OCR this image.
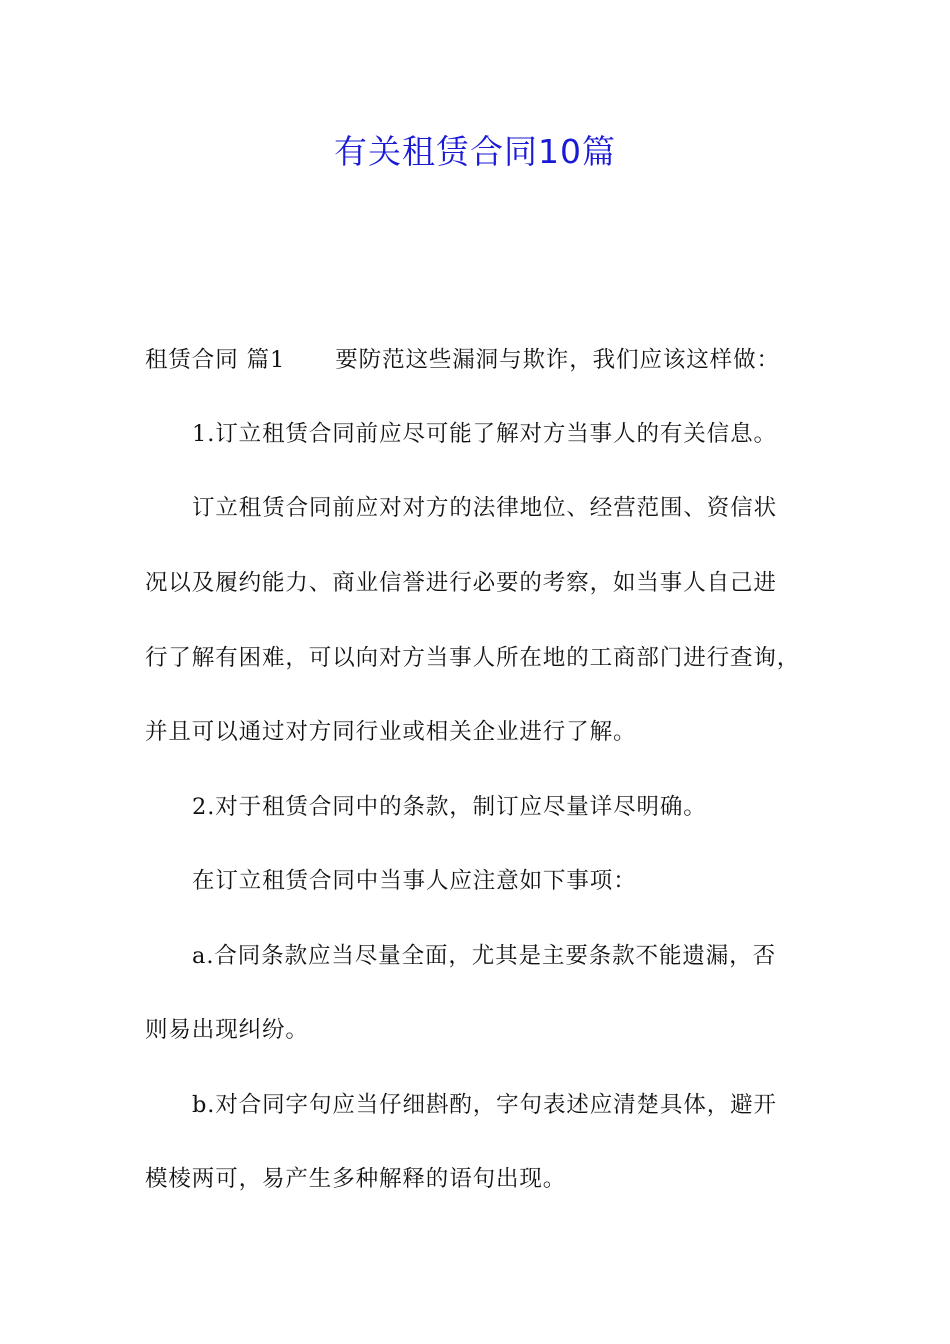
有关租赁合同10篇
租赁合同 篇1 要防范这些漏洞与欺诈，我们应该这样做：
1.订立租赁合同前应尽可能了解对方当事人的有关信息。
订立租赁合同前应对对方的法律地位、经营范围、资信状
况以及履约能力、商业信誉进行必要的考察，如当事人自己进
行了解有困难，可以向对方当事人所在地的工商部门进行查询，
并且可以通过对方同行业或相关企业进行了解。
2.对于租赁合同中的条款，制订应尽量详尽明确。
在订立租赁合同中当事人应注意如下事项：
a.合同条款应当尽量全面，尤其是主要条款不能遗漏，否
则易出现纠纷。
b.对合同字句应当仔细斟酌，字句表述应清楚具体，避开
模棱两可，易产生多种解释的语句出现。
